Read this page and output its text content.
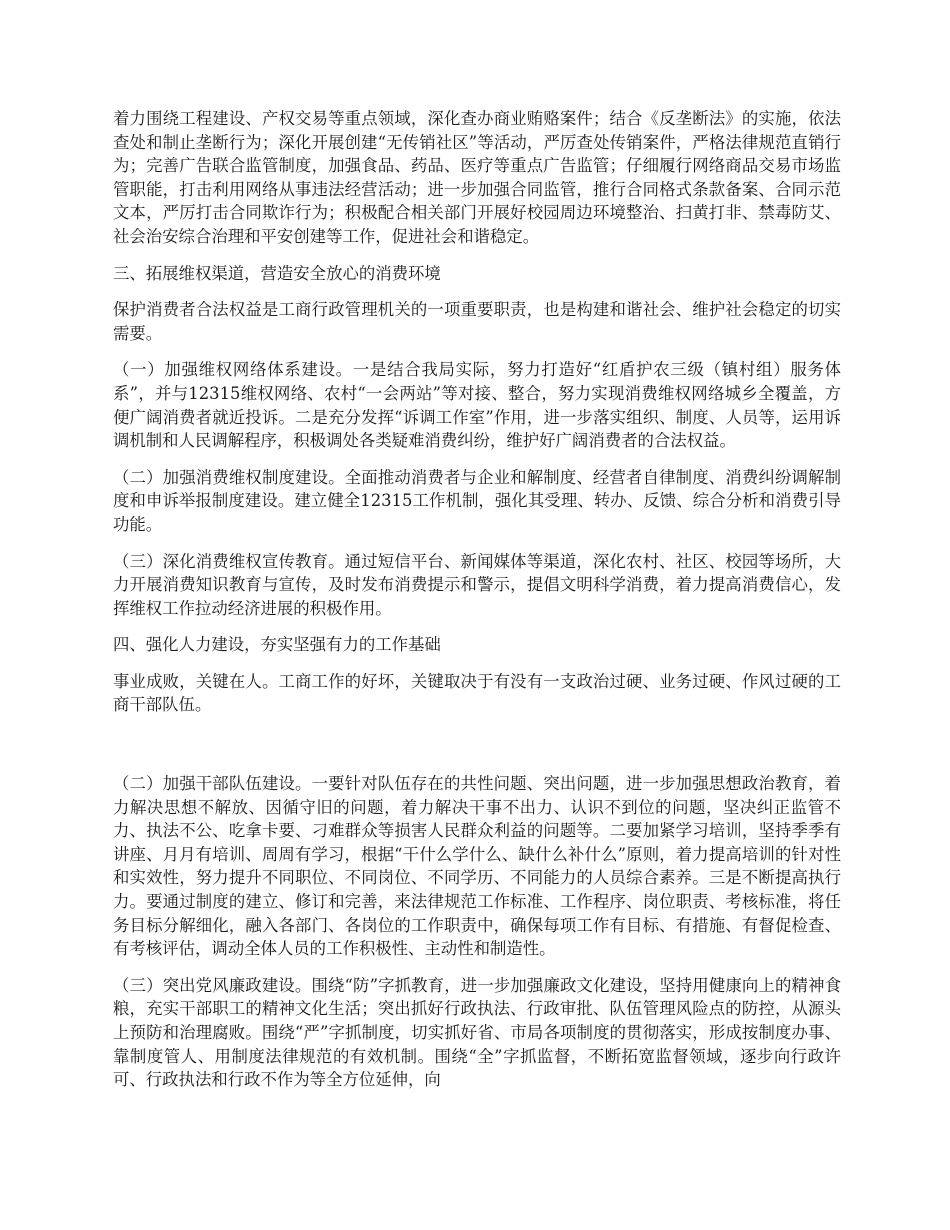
着力围绕工程建设、产权交易等重点领域，深化查办商业贿赂案件；结合《反垄断法》的实施，依法查处和制止垄断行为；深化开展创建“无传销社区”等活动，严厉查处传销案件，严格法律规范直销行为；完善广告联合监管制度，加强食品、药品、医疗等重点广告监管；仔细履行网络商品交易市场监管职能，打击利用网络从事违法经营活动；进一步加强合同监管，推行合同格式条款备案、合同示范文本，严厉打击合同欺诈行为；积极配合相关部门开展好校园周边环境整治、扫黄打非、禁毒防艾、社会治安综合治理和平安创建等工作，促进社会和谐稳定。

三、拓展维权渠道，营造安全放心的消费环境

保护消费者合法权益是工商行政管理机关的一项重要职责，也是构建和谐社会、维护社会稳定的切实需要。

（一）加强维权网络体系建设。一是结合我局实际，努力打造好“红盾护农三级（镇村组）服务体系”，并与12315维权网络、农村“一会两站”等对接、整合，努力实现消费维权网络城乡全覆盖，方便广阔消费者就近投诉。二是充分发挥“诉调工作室”作用，进一步落实组织、制度、人员等，运用诉调机制和人民调解程序，积极调处各类疑难消费纠纷，维护好广阔消费者的合法权益。

（二）加强消费维权制度建设。全面推动消费者与企业和解制度、经营者自律制度、消费纠纷调解制度和申诉举报制度建设。建立健全12315工作机制，强化其受理、转办、反馈、综合分析和消费引导功能。

（三）深化消费维权宣传教育。通过短信平台、新闻媒体等渠道，深化农村、社区、校园等场所，大力开展消费知识教育与宣传，及时发布消费提示和警示，提倡文明科学消费，着力提高消费信心，发挥维权工作拉动经济进展的积极作用。

四、强化人力建设，夯实坚强有力的工作基础

事业成败，关键在人。工商工作的好坏，关键取决于有没有一支政治过硬、业务过硬、作风过硬的工商干部队伍。

（二）加强干部队伍建设。一要针对队伍存在的共性问题、突出问题，进一步加强思想政治教育，着力解决思想不解放、因循守旧的问题，着力解决干事不出力、认识不到位的问题，坚决纠正监管不力、执法不公、吃拿卡要、刁难群众等损害人民群众利益的问题等。二要加紧学习培训，坚持季季有讲座、月月有培训、周周有学习，根据“干什么学什么、缺什么补什么”原则，着力提高培训的针对性和实效性，努力提升不同职位、不同岗位、不同学历、不同能力的人员综合素养。三是不断提高执行力。要通过制度的建立、修订和完善，来法律规范工作标准、工作程序、岗位职责、考核标准，将任务目标分解细化，融入各部门、各岗位的工作职责中，确保每项工作有目标、有措施、有督促检查、有考核评估，调动全体人员的工作积极性、主动性和制造性。

（三）突出党风廉政建设。围绕“防”字抓教育，进一步加强廉政文化建设，坚持用健康向上的精神食粮，充实干部职工的精神文化生活；突出抓好行政执法、行政审批、队伍管理风险点的防控，从源头上预防和治理腐败。围绕“严”字抓制度，切实抓好省、市局各项制度的贯彻落实，形成按制度办事、靠制度管人、用制度法律规范的有效机制。围绕“全”字抓监督，不断拓宽监督领域，逐步向行政许可、行政执法和行政不作为等全方位延伸，向
